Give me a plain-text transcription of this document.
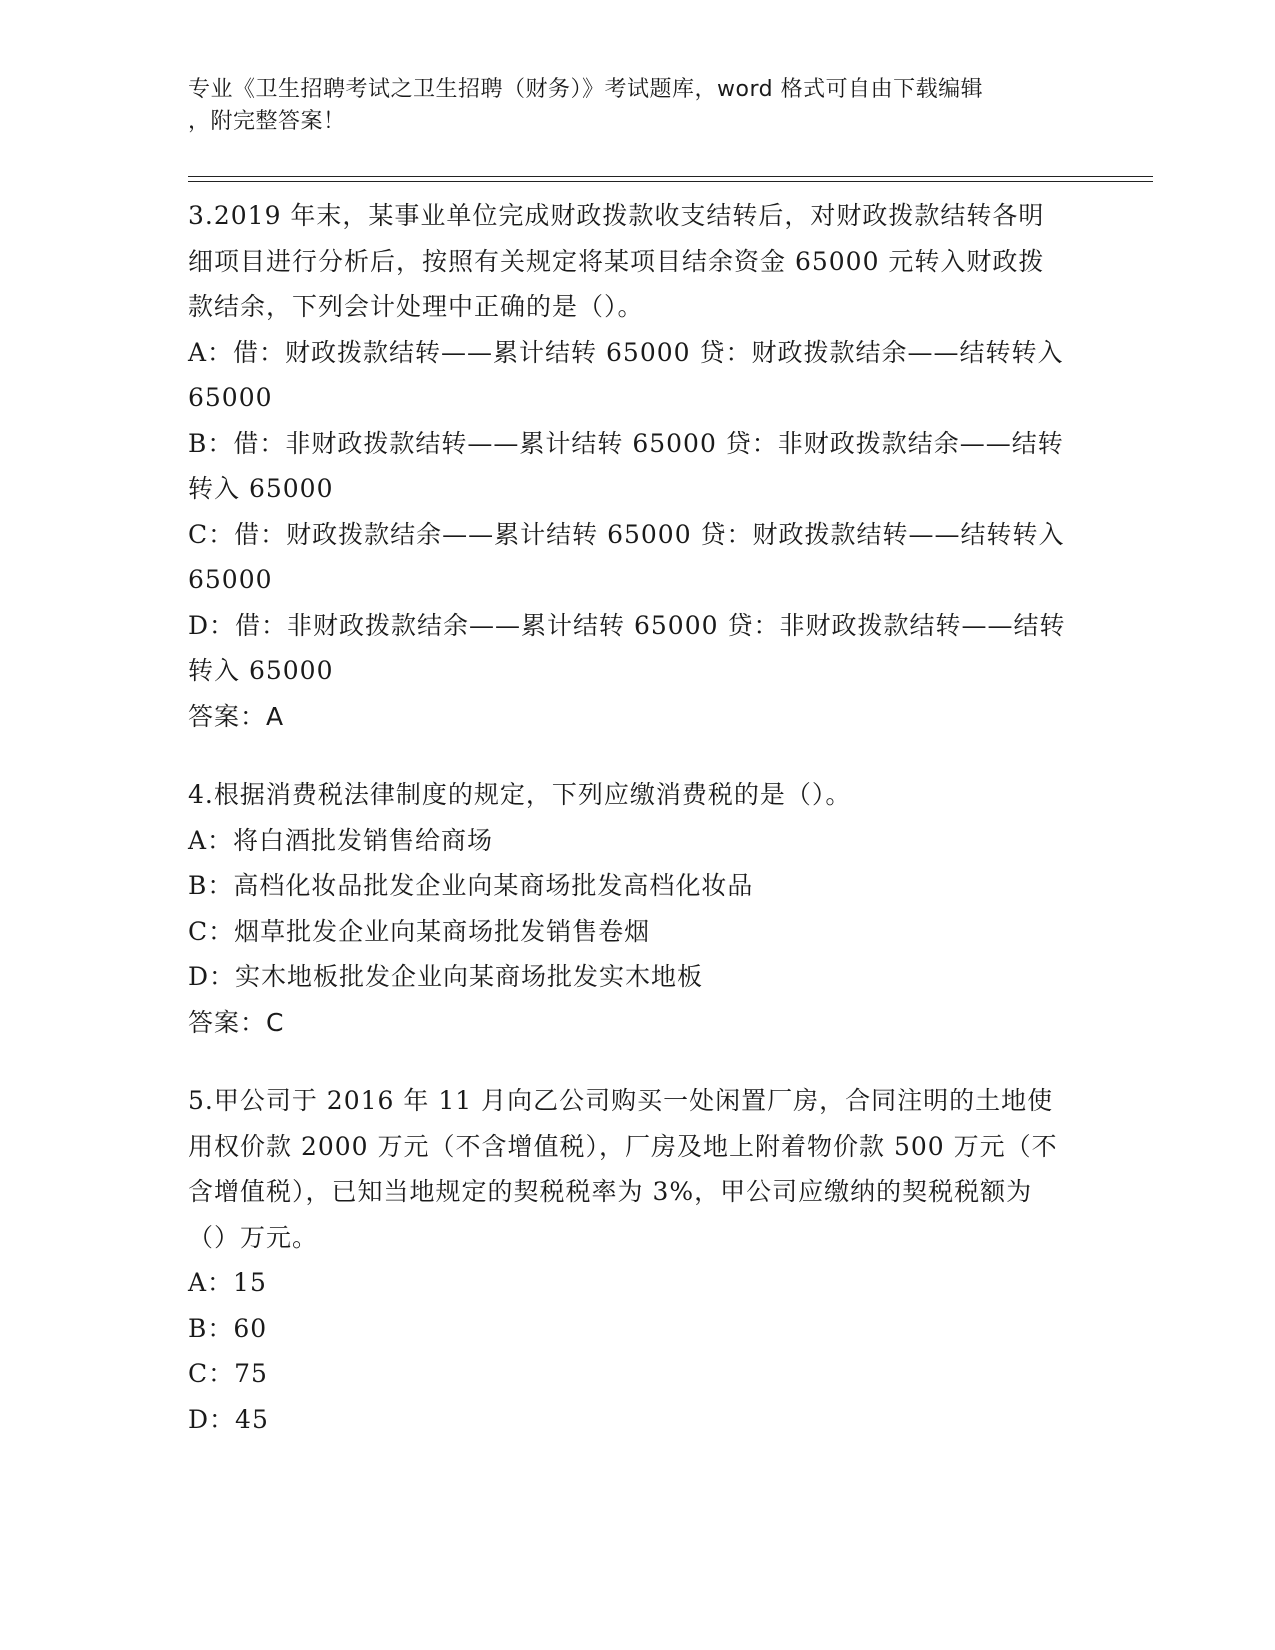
专业《卫生招聘考试之卫生招聘（财务）》考试题库，word 格式可自由下载编辑
，附完整答案！
3.2019 年末，某事业单位完成财政拨款收支结转后，对财政拨款结转各明细项目进行分析后，按照有关规定将某项目结余资金 65000 元转入财政拨款结余，下列会计处理中正确的是（）。
A：借：财政拨款结转——累计结转 65000 贷：财政拨款结余——结转转入 65000
B：借：非财政拨款结转——累计结转 65000 贷：非财政拨款结余——结转转入 65000
C：借：财政拨款结余——累计结转 65000 贷：财政拨款结转——结转转入 65000
D：借：非财政拨款结余——累计结转 65000 贷：非财政拨款结转——结转转入 65000
答案：A
4.根据消费税法律制度的规定，下列应缴消费税的是（）。
A：将白酒批发销售给商场
B：高档化妆品批发企业向某商场批发高档化妆品
C：烟草批发企业向某商场批发销售卷烟
D：实木地板批发企业向某商场批发实木地板
答案：C
5.甲公司于 2016 年 11 月向乙公司购买一处闲置厂房，合同注明的土地使用权价款 2000 万元（不含增值税），厂房及地上附着物价款 500 万元（不含增值税），已知当地规定的契税税率为 3%，甲公司应缴纳的契税税额为（）万元。
A：15
B：60
C：75
D：45
